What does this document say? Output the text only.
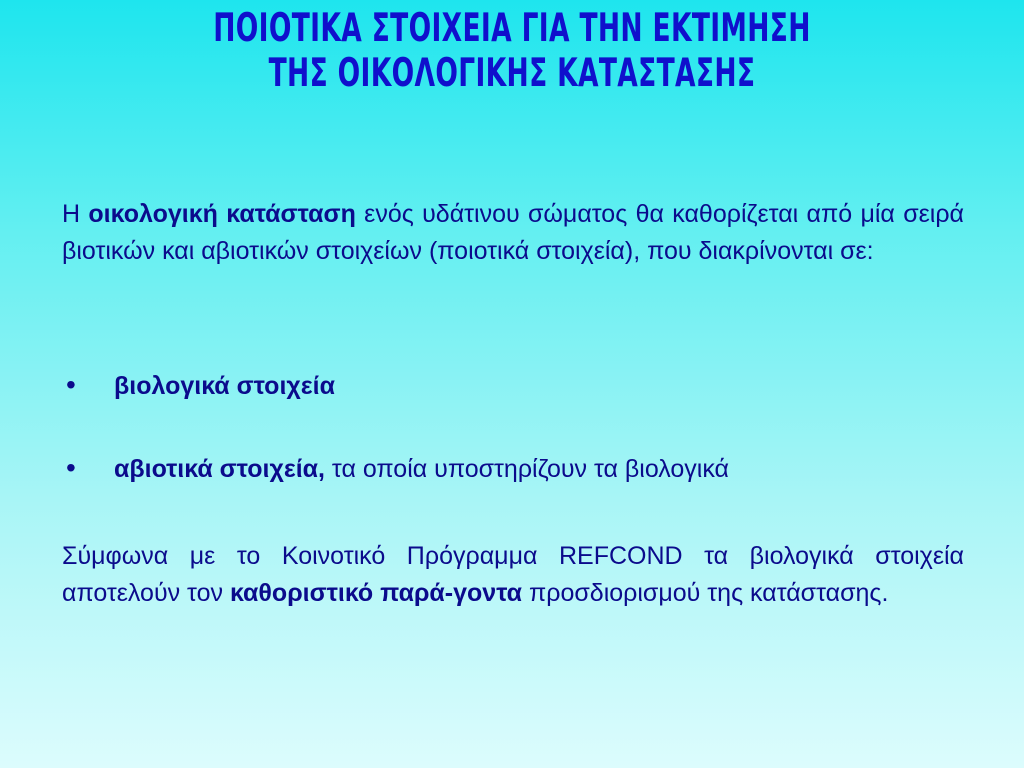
ΠΟΙΟΤΙΚΑ ΣΤΟΙΧΕΙΑ ΓΙΑ ΤΗΝ ΕΚΤΙΜΗΣΗ
ΤΗΣ ΟΙΚΟΛΟΓΙΚΗΣ ΚΑΤΑΣΤΑΣΗΣ
Η οικολογική κατάσταση ενός υδάτινου σώματος θα καθορίζεται από μία σειρά βιοτικών και αβιοτικών στοιχείων (ποιοτικά στοιχεία), που διακρίνονται σε:
• βιολογικά στοιχεία
• αβιοτικά στοιχεία, τα οποία υποστηρίζουν τα βιολογικά
Σύμφωνα με το Κοινοτικό Πρόγραμμα REFCOND τα βιολογικά στοιχεία αποτελούν τον καθοριστικό παρά-γοντα προσδιορισμού της κατάστασης.
